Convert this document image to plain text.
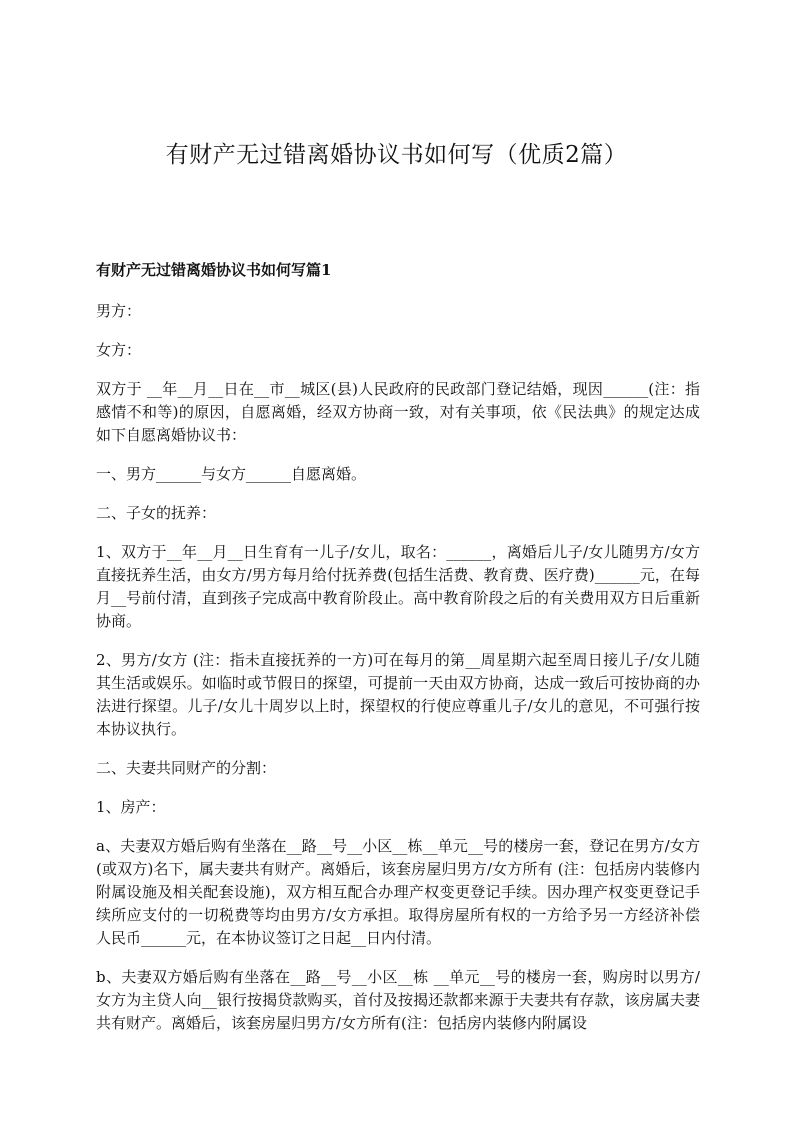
有财产无过错离婚协议书如何写（优质2篇）
有财产无过错离婚协议书如何写篇1

男方：

女方：

双方于 __年__月__日在__市__城区(县)人民政府的民政部门登记结婚，现因______(注：指感情不和等)的原因，自愿离婚，经双方协商一致，对有关事项，依《民法典》的规定达成如下自愿离婚协议书：

一、男方______与女方______自愿离婚。

二、子女的抚养：

1、双方于__年__月__日生育有一儿子/女儿，取名：______，离婚后儿子/女儿随男方/女方直接抚养生活，由女方/男方每月给付抚养费(包括生活费、教育费、医疗费)______元，在每月__号前付清，直到孩子完成高中教育阶段止。高中教育阶段之后的有关费用双方日后重新协商。

2、男方/女方 (注：指未直接抚养的一方)可在每月的第__周星期六起至周日接儿子/女儿随其生活或娱乐。如临时或节假日的探望，可提前一天由双方协商，达成一致后可按协商的办法进行探望。儿子/女儿十周岁以上时，探望权的行使应尊重儿子/女儿的意见，不可强行按本协议执行。

二、夫妻共同财产的分割：

1、房产：

a、夫妻双方婚后购有坐落在__路__号__小区__栋__单元__号的楼房一套，登记在男方/女方(或双方)名下，属夫妻共有财产。离婚后，该套房屋归男方/女方所有 (注：包括房内装修内附属设施及相关配套设施)，双方相互配合办理产权变更登记手续。因办理产权变更登记手续所应支付的一切税费等均由男方/女方承担。取得房屋所有权的一方给予另一方经济补偿人民币______元，在本协议签订之日起__日内付清。

b、夫妻双方婚后购有坐落在__路__号__小区__栋 __单元__号的楼房一套，购房时以男方/女方为主贷人向__银行按揭贷款购买，首付及按揭还款都来源于夫妻共有存款，该房属夫妻共有财产。离婚后，该套房屋归男方/女方所有(注：包括房内装修内附属设
